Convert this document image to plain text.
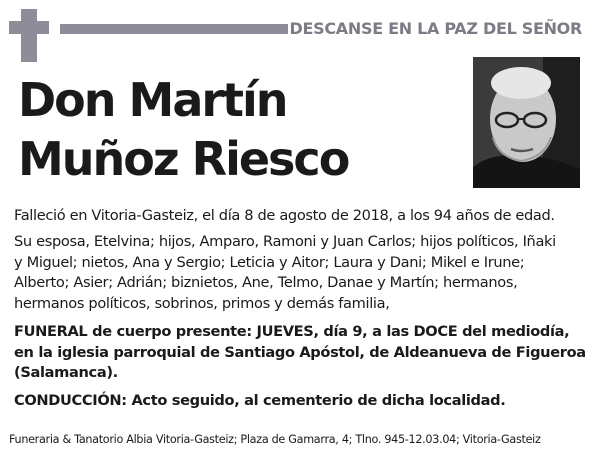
DESCANSE EN LA PAZ DEL SEÑOR
Don Martín
Muñoz Riesco
Falleció en Vitoria-Gasteiz, el día 8 de agosto de 2018, a los 94 años de edad.
Su esposa, Etelvina; hijos, Amparo, Ramoni y Juan Carlos; hijos políticos, Iñaki
y Miguel; nietos, Ana y Sergio; Leticia y Aitor; Laura y Dani; Mikel e Irune;
Alberto; Asier; Adrián; biznietos, Ane, Telmo, Danae y Martín; hermanos,
hermanos políticos, sobrinos, primos y demás familia,
FUNERAL de cuerpo presente: JUEVES, día 9, a las DOCE del mediodía,
en la iglesia parroquial de Santiago Apóstol, de Aldeanueva de Figueroa
(Salamanca).
CONDUCCIÓN: Acto seguido, al cementerio de dicha localidad.
Funeraria & Tanatorio Albia Vitoria-Gasteiz; Plaza de Gamarra, 4; Tlno. 945-12.03.04; Vitoria-Gasteiz
